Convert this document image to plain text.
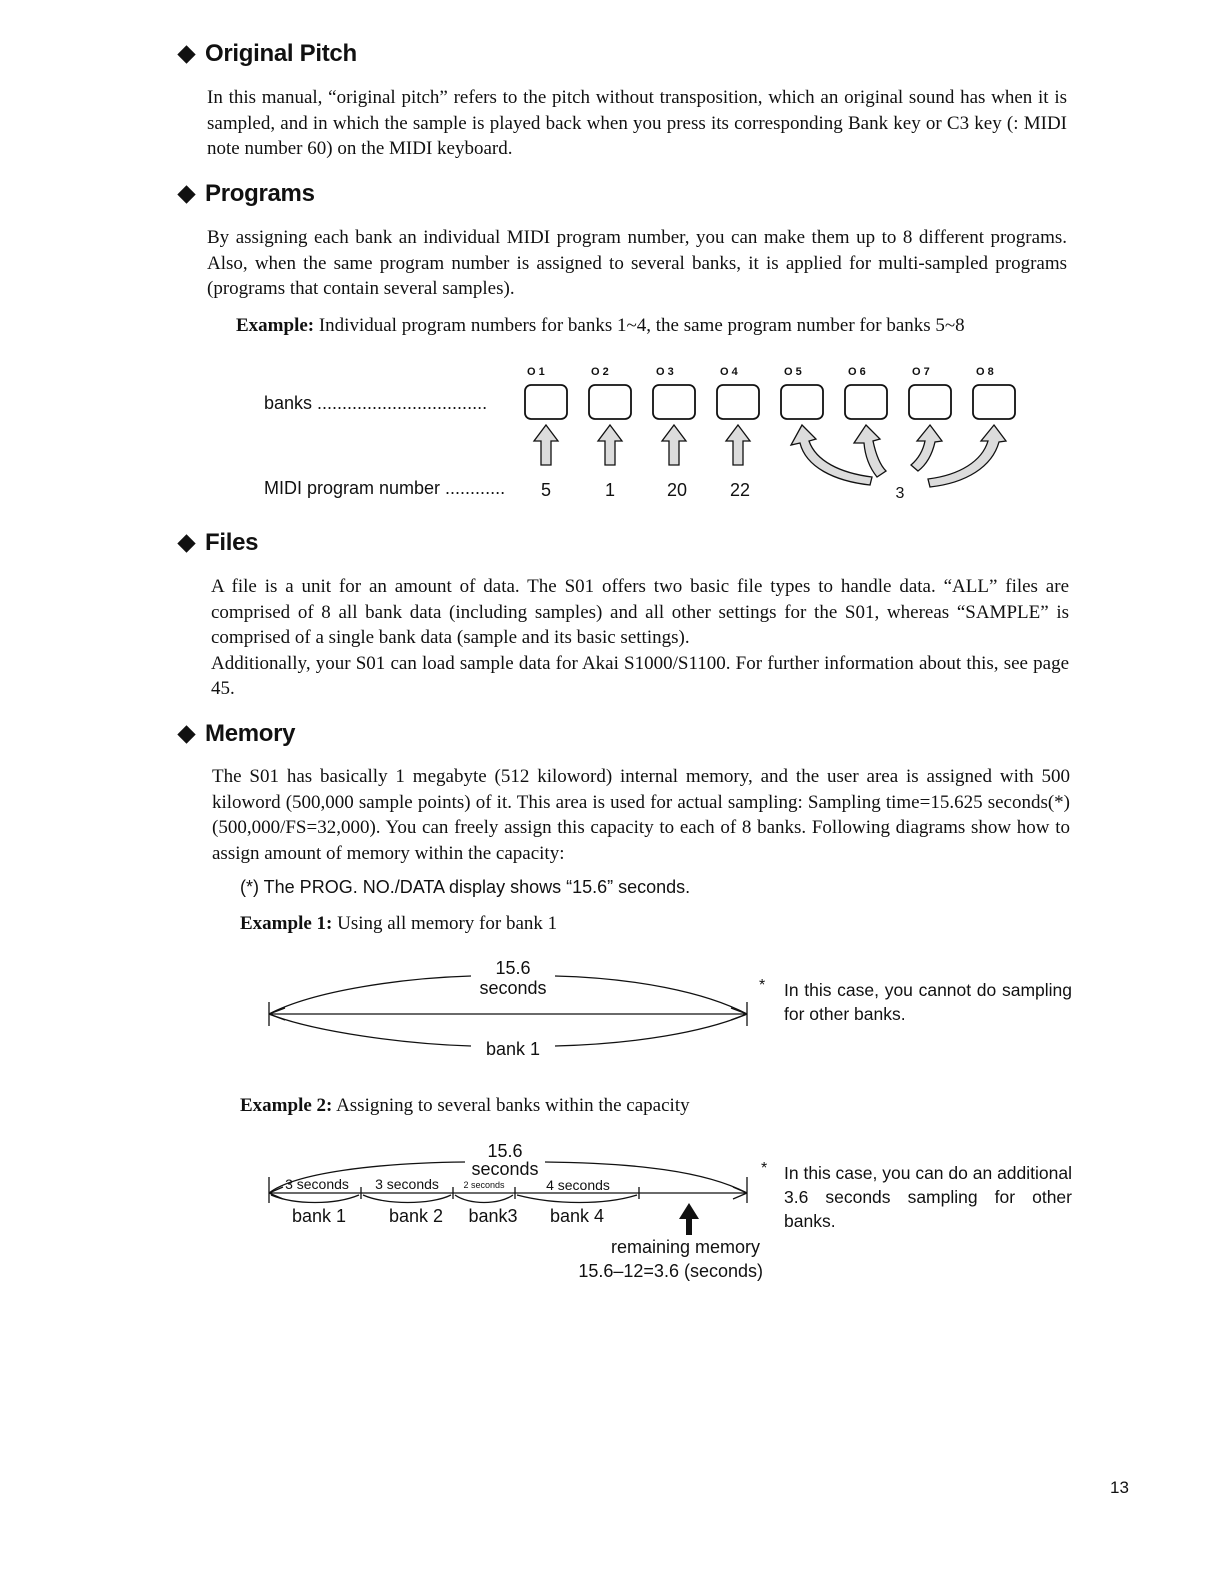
Original Pitch

In this manual, “original pitch” refers to the pitch without transposition, which an original sound has when it is sampled, and in which the sample is played back when you press its corresponding Bank key or C3 key (: MIDI note number 60) on the MIDI keyboard.

Programs

By assigning each bank an individual MIDI program number, you can make them up to 8 different programs. Also, when the same program number is assigned to several banks, it is applied for multi-sampled programs (programs that contain several samples).

Example: Individual program numbers for banks 1~4, the same program number for banks 5~8
banks ..................................
MIDI program number ............
O 1	O 2	O 3	O 4	O 5	O 6	O 7	O 8
5	1	20 22	3
Files

A file is a unit for an amount of data. The S01 offers two basic file types to handle data. “ALL” files are comprised of 8 all bank data (including samples) and all other settings for the S01, whereas “SAMPLE” is comprised of a single bank data (sample and its basic settings).

Additionally, your S01 can load sample data for Akai S1000/S1100. For further information about this, see page 45.

Memory

The S01 has basically 1 megabyte (512 kiloword) internal memory, and the user area is assigned with 500 kiloword (500,000 sample points) of it. This area is used for actual sampling: Sampling time=15.625 seconds(*) (500,000/FS=32,000). You can freely assign this capacity to each of 8 banks. Following diagrams show how to assign amount of memory within the capacity:

(*) The PROG. NO./DATA display shows “15.6” seconds.
Example 1: Using all memory for bank 1
15.6
seconds
bank 1
* In this case, you cannot do sampling for other banks.
Example 2: Assigning to several banks within the capacity
15.6
seconds
3 seconds 3 seconds	2 seconds	4 seconds
bank 1 bank 2 bank3 bank 4
remaining memory
15.6–12=3.6 (seconds)
* In this case, you can do an additional 3.6 seconds sampling for other banks.
13
